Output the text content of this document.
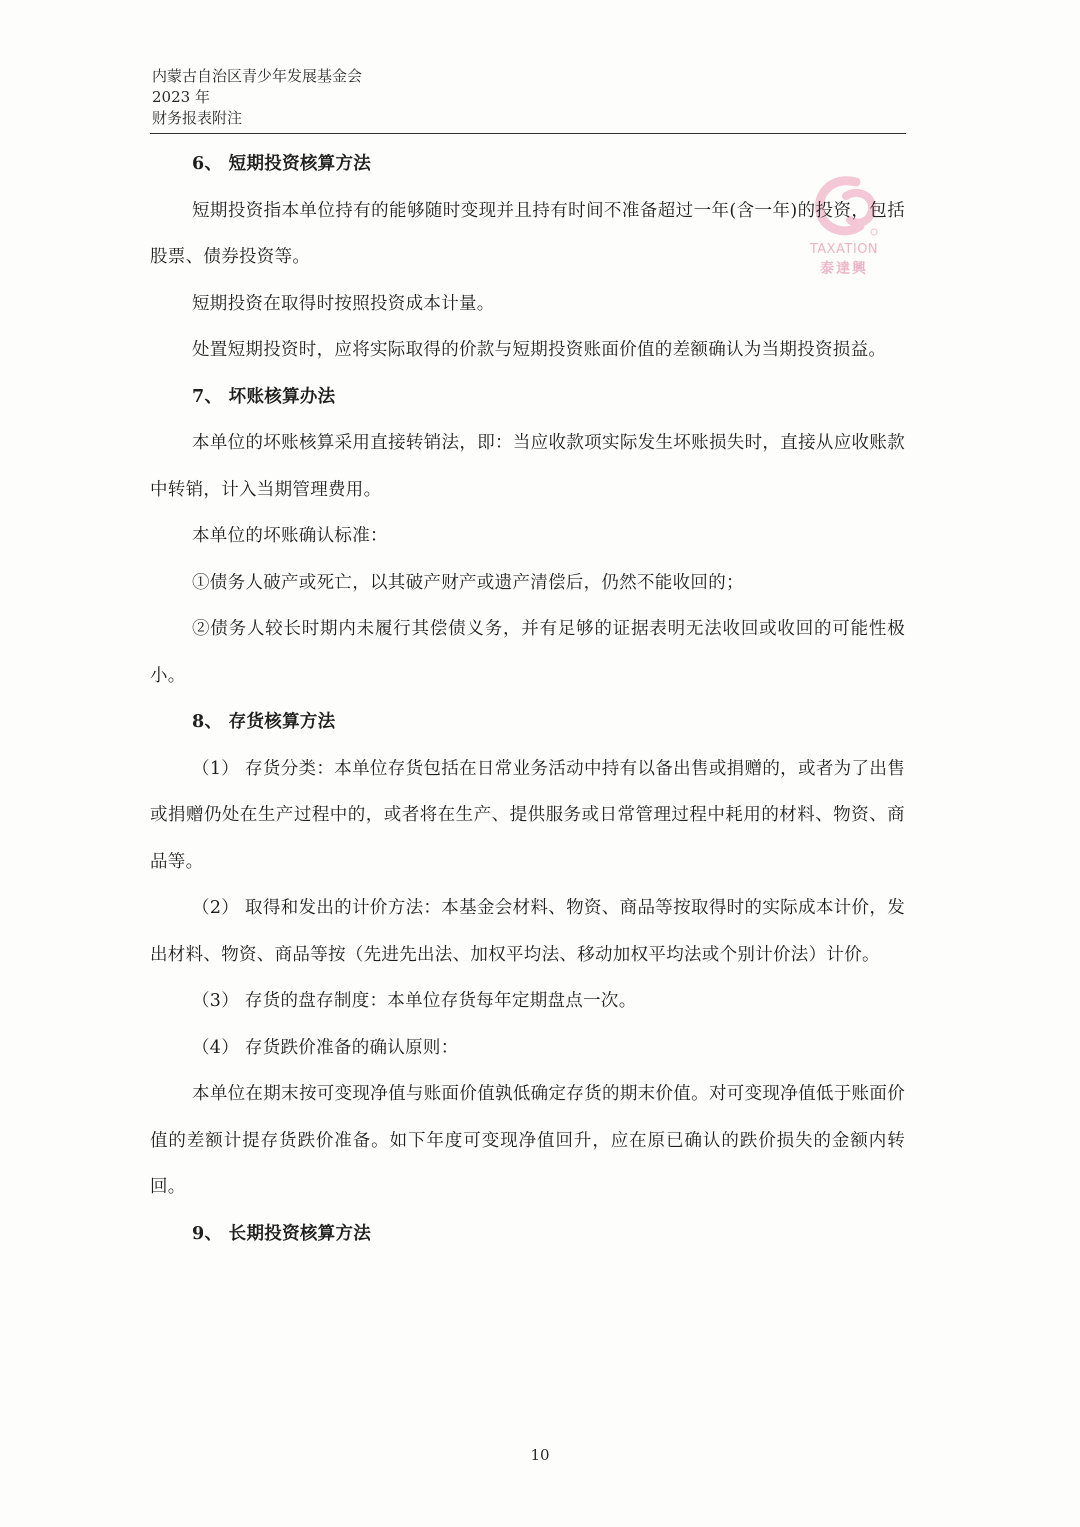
内蒙古自治区青少年发展基金会
2023 年
财务报表附注
TAXATION
泰達興

6、 短期投资核算方法

短期投资指本单位持有的能够随时变现并且持有时间不准备超过一年(含一年)的投资，包括股票、债券投资等。

短期投资在取得时按照投资成本计量。

处置短期投资时，应将实际取得的价款与短期投资账面价值的差额确认为当期投资损益。

7、 坏账核算办法

本单位的坏账核算采用直接转销法，即：当应收款项实际发生坏账损失时，直接从应收账款中转销，计入当期管理费用。

本单位的坏账确认标准：

①债务人破产或死亡，以其破产财产或遗产清偿后，仍然不能收回的；

②债务人较长时期内未履行其偿债义务，并有足够的证据表明无法收回或收回的可能性极小。

8、 存货核算方法

（1） 存货分类：本单位存货包括在日常业务活动中持有以备出售或捐赠的，或者为了出售或捐赠仍处在生产过程中的，或者将在生产、提供服务或日常管理过程中耗用的材料、物资、商品等。

（2） 取得和发出的计价方法：本基金会材料、物资、商品等按取得时的实际成本计价，发出材料、物资、商品等按（先进先出法、加权平均法、移动加权平均法或个别计价法）计价。

（3） 存货的盘存制度：本单位存货每年定期盘点一次。

（4） 存货跌价准备的确认原则：

本单位在期末按可变现净值与账面价值孰低确定存货的期末价值。对可变现净值低于账面价值的差额计提存货跌价准备。如下年度可变现净值回升，应在原已确认的跌价损失的金额内转回。

9、 长期投资核算方法

10
